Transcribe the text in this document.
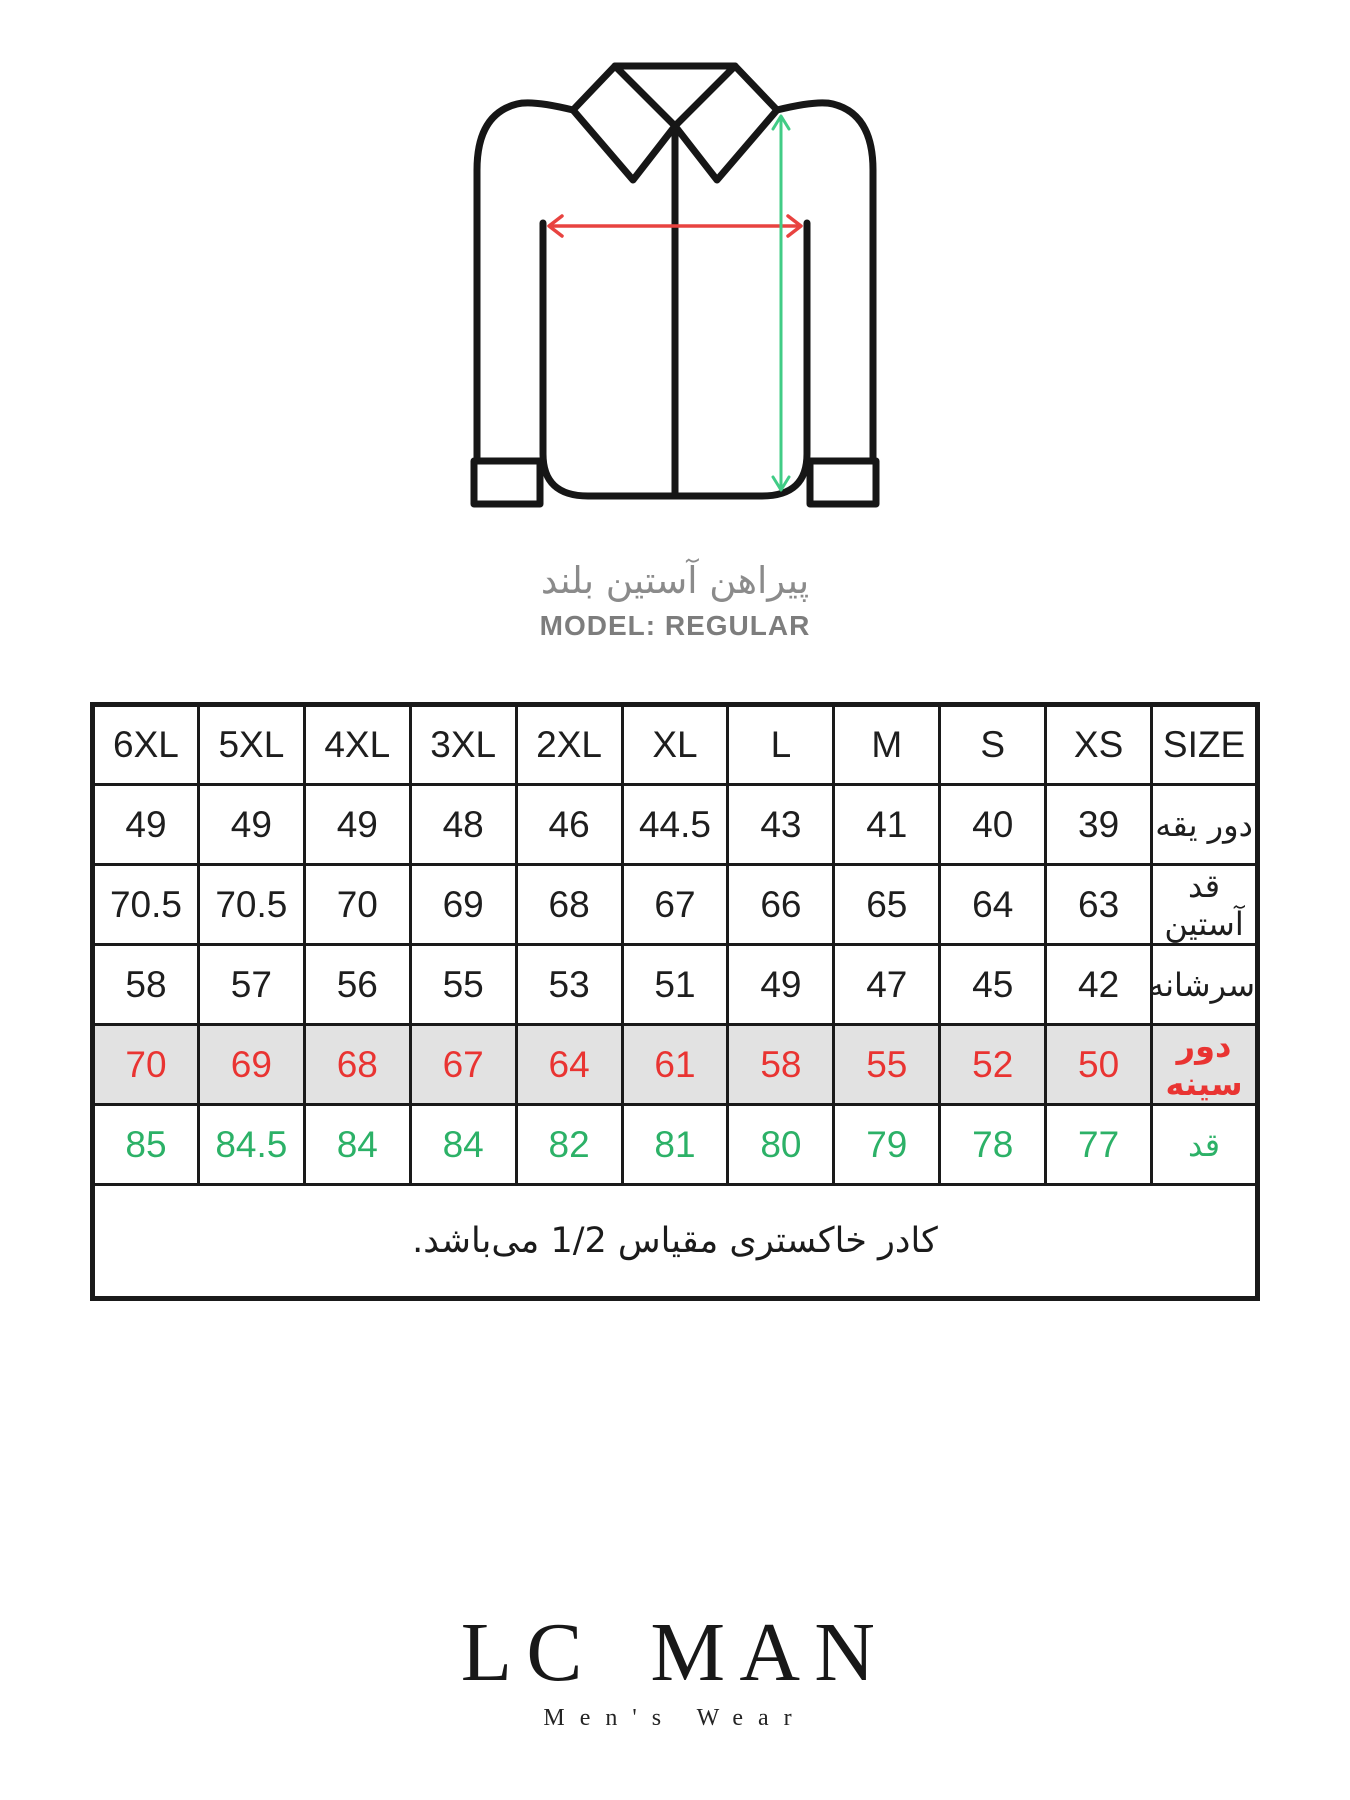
پیراهن آستین بلند
MODEL: REGULAR
6XL	5XL	4XL	3XL	2XL	XL	L	M	S	XS	SIZE
49	49	49	48	46	44.5	43	41	40	39	دور یقه
70.5	70.5	70	69	68	67	66	65	64	63	قد آستین
58	57	56	55	53	51	49	47	45	42	سرشانه
70	69	68	67	64	61	58	55	52	50	دور سینه
85	84.5	84	84	82	81	80	79	78	77	قد
کادر خاکستری مقیاس 1/2 می‌باشد.										
LC MAN
Men's Wear
